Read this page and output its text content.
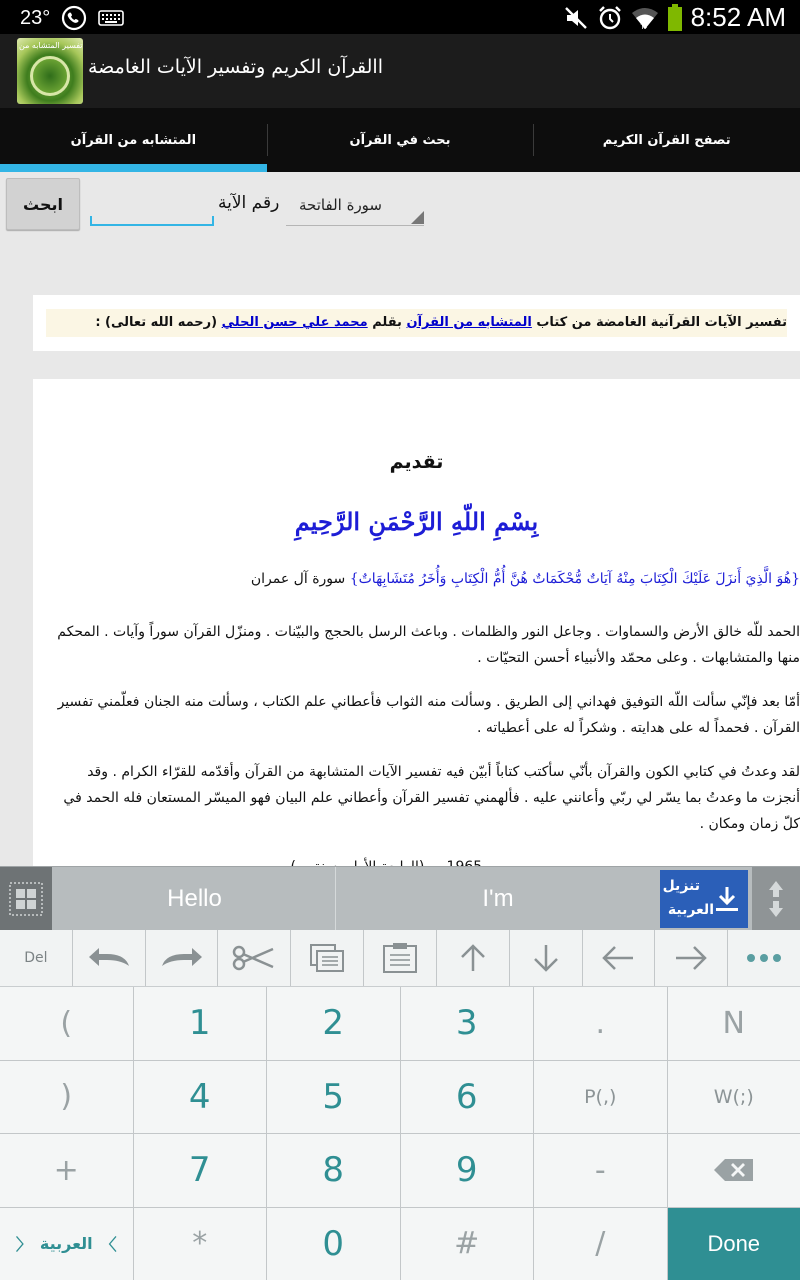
23°	⇅ 8:52 AM
تفسير المتشابه من
االقرآن الكريم وتفسير الآيات الغامضة
المتشابه من القرآن	بحث في القرآن	تصفح القرآن الكريم
ابحث	رقم الآية سورة الفاتحة
تفسير الآيات القرآنية الغامضة من كتاب المتشابه من القرآن بقلم محمد علي حسن الحلي (رحمه الله تعالى) :
تقديم
بِسْمِ اللّهِ الرَّحْمَنِ الرَّحِيمِ
{هُوَ الَّذِيَ أَنزَلَ عَلَيْكَ الْكِتَابَ مِنْهُ آيَاتٌ مُّحْكَمَاتٌ هُنَّ أُمُّ الْكِتَابِ وَأُخَرُ مُتَشَابِهَاتٌ} سورة آل عمران
الحمد للّه خالق الأرض والسماوات . وجاعل النور والظلمات . وباعث الرسل بالحجج والبيّنات . ومنزّل القرآن سوراً وآيات . المحكم منها والمتشابهات . وعلى محمّد والأنبياء أحسن التحيّات .
أمّا بعد فإنّي سألت اللّه التوفيق فهداني إلى الطريق . وسألت منه الثواب فأعطاني علم الكتاب ، وسألت منه الجنان فعلّمني تفسير القرآن . فحمداً له على هدايته . وشكراً له على أعطياته .
لقد وعدتُ في كتابي الكون والقرآن بأنّي سأكتب كتاباً أبيّن فيه تفسير الآيات المتشابهة من القرآن وأقدّمه للقرّاء الكرام . وقد أنجزت ما وعدتُ بما يسّر لي ربّي وأعانني عليه . فألهمني تفسير القرآن وأعطاني علم البيان فهو الميسّر المستعان فله الحمد في كلّ زمان ومكان .
Hello	I'm	تنزيل
العربية
Del
(	1	2	3	.	N
)	4	5	6	P(,)	W(;)
+	7	8	9	-
〉
العربية
〈	*	0	#	/	Done
